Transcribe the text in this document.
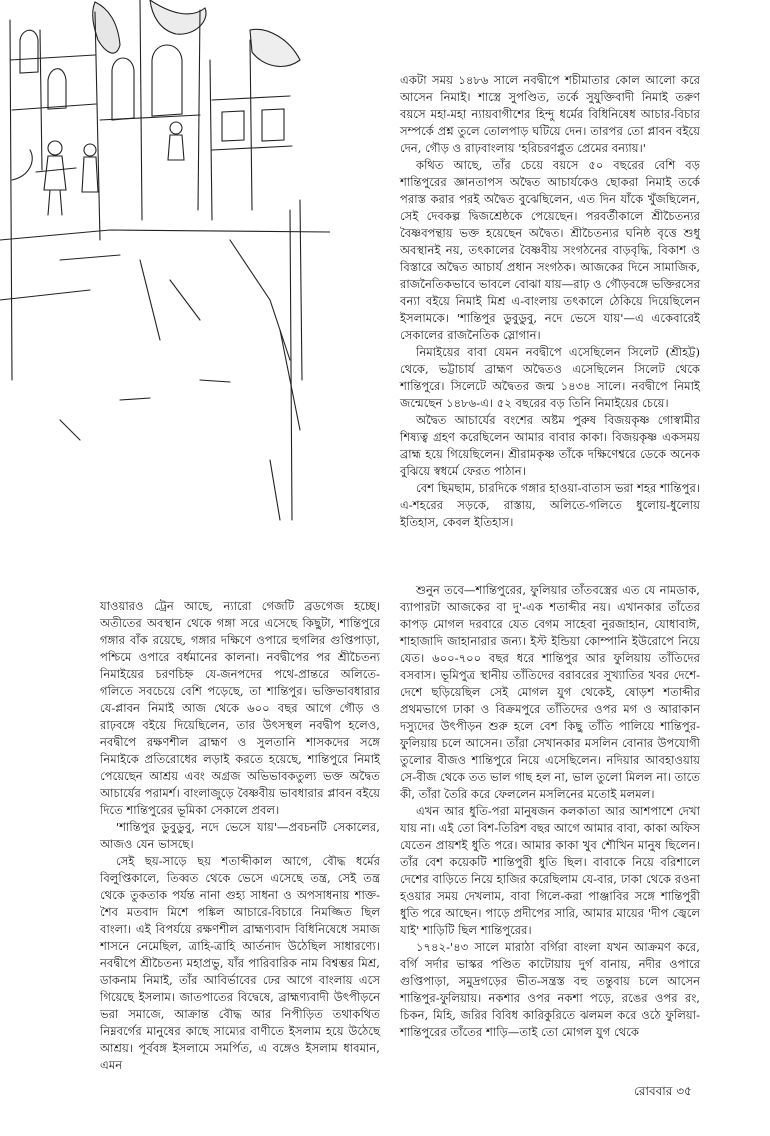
একটা সময় ১৪৮৬ সালে নবদ্বীপে শচীমাতার কোল আলো করে আসেন নিমাই। শাস্ত্রে সুপণ্ডিত, তর্কে সুযুক্তিবাদী নিমাই তরুণ বয়সে মহা-মহা ন্যায়বাগীশের হিন্দু ধর্মের বিধিনিষেধ আচার-বিচার সম্পর্কে প্রশ্ন তুলে তোলপাড় ঘটিয়ে দেন। তারপর তো প্লাবন বইয়ে দেন, গৌড় ও রাঢ়বাংলায় 'হরিচরণপ্লুত প্রেমের বন্যায়।'

কথিত আছে, তাঁর চেয়ে বয়সে ৫০ বছরের বেশি বড় শান্তিপুরের জ্ঞানতাপস অদ্বৈত আচার্যকেও ছোকরা নিমাই তর্কে পরাস্ত করার পরই অদ্বৈত বুঝেছিলেন, এত দিন যাঁকে খুঁজছিলেন, সেই দেবকল্প দ্বিজশ্রেষ্ঠকে পেয়েছেন। পরবর্তীকালে শ্রীচৈতন্যর বৈষ্ণবপন্থায় ভক্ত হয়েছেন অদ্বৈত। শ্রীচৈতন্যর ঘনিষ্ঠ বৃত্তে শুধু অবস্থানই নয়, তৎকালের বৈষ্ণবীয় সংগঠনের বাড়বৃদ্ধি, বিকাশ ও বিস্তারে অদ্বৈত আচার্য প্রধান সংগঠক। আজকের দিনে সামাজিক, রাজনৈতিকভাবে ভাবলে বোঝা যায়—রাঢ় ও গৌড়বঙ্গে ভক্তিরসের বন্যা বইয়ে নিমাই মিশ্র এ-বাংলায় তৎকালে ঠেকিয়ে দিয়েছিলেন ইসলামকে। 'শান্তিপুর ডুবুডুবু, নদে ভেসে যায়'—এ একেবারেই সেকালের রাজনৈতিক স্লোগান।

নিমাইয়ের বাবা যেমন নবদ্বীপে এসেছিলেন সিলেট (শ্রীহট্ট) থেকে, ভট্টাচার্য ব্রাহ্মণ অদ্বৈতও এসেছিলেন সিলেট থেকে শান্তিপুরে। সিলেটে অদ্বৈতর জন্ম ১৪৩৪ সালে। নবদ্বীপে নিমাই জন্মেছেন ১৪৮৬-এ। ৫২ বছরের বড় তিনি নিমাইয়ের চেয়ে।

অদ্বৈত আচার্যের বংশের অষ্টম পুরুষ বিজয়কৃষ্ণ গোস্বামীর শিষ্যত্ব গ্রহণ করেছিলেন আমার বাবার কাকা। বিজয়কৃষ্ণ একসময় ব্রাহ্ম হয়ে গিয়েছিলেন। শ্রীরামকৃষ্ণ তাঁকে দক্ষিণেশ্বরে ডেকে অনেক বুঝিয়ে স্বধর্মে ফেরত পাঠান।

বেশ ছিমছাম, চারদিকে গঙ্গার হাওয়া-বাতাস ভরা শহর শান্তিপুর। এ-শহরের সড়কে, রাস্তায়, অলিতে-গলিতে ধুলোয়-ধুলোয় ইতিহাস, কেবল ইতিহাস।

যাওয়ারও ট্রেন আছে, ন্যারো গেজটি ব্রডগেজ হচ্ছে। অতীতের অবস্থান থেকে গঙ্গা সরে এসেছে কিছুটা, শান্তিপুরে গঙ্গার বাঁক রয়েছে, গঙ্গার দক্ষিণে ওপারে হুগলির গুপ্তিপাড়া, পশ্চিমে ওপারে বর্ধমানের কালনা। নবদ্বীপের পর শ্রীচৈতন্য নিমাইয়ের চরণচিহ্ন যে-জনপদের পথে-প্রান্তরে অলিতে-গলিতে সবচেয়ে বেশি পড়েছে, তা শান্তিপুর। ভক্তিভাবধারার যে-প্লাবন নিমাই আজ থেকে ৬০০ বছর আগে গৌড় ও রাঢ়বঙ্গে বইয়ে দিয়েছিলেন, তার উৎসস্থল নবদ্বীপ হলেও, নবদ্বীপে রক্ষণশীল ব্রাহ্মণ ও সুলতানি শাসকদের সঙ্গে নিমাইকে প্রতিরোধের লড়াই করতে হয়েছে, শান্তিপুরে নিমাই পেয়েছেন আশ্রয় এবং অগ্রজ অভিভাবকতুল্য ভক্ত অদ্বৈত আচার্যের পরামর্শ। বাংলাজুড়ে বৈষ্ণবীয় ভাবধারার প্লাবন বইয়ে দিতে শান্তিপুরের ভূমিকা সেকালে প্রবল।

'শান্তিপুর ডুবুডুবু, নদে ভেসে যায়'—প্রবচনটি সেকালের, আজও যেন ভাসছে।

সেই ছয়-সাড়ে ছয় শতাব্দীকাল আগে, বৌদ্ধ ধর্মের বিলুপ্তিকালে, তিব্বত থেকে ভেসে এসেছে তন্ত্র, সেই তন্ত্র থেকে তুকতাক পর্যন্ত নানা গুহ্য সাধনা ও অপসাধনায় শাক্ত-শৈব মতবাদ মিশে পঙ্কিল আচারে-বিচারে নিমজ্জিত ছিল বাংলা। এই বিপর্যয়ে রক্ষণশীল ব্রাহ্মণ্যবাদ বিধিনিষেধে সমাজ শাসনে নেমেছিল, ত্রাহি-ত্রাহি আর্তনাদ উঠেছিল সাধারণ্যে। নবদ্বীপে শ্রীচৈতন্য মহাপ্রভু, যাঁর পারিবারিক নাম বিশ্বম্ভর মিশ্র, ডাকনাম নিমাই, তাঁর আবির্ভাবের ঢের আগে বাংলায় এসে গিয়েছে ইসলাম। জাতপাতের বিদ্বেষে, ব্রাহ্মণ্যবাদী উৎপীড়নে ভরা সমাজে, আক্রান্ত বৌদ্ধ আর নিপীড়িত তথাকথিত নিম্নবর্গের মানুষের কাছে সাম্যের বাণীতে ইসলাম হয়ে উঠেছে আশ্রয়। পূর্ববঙ্গ ইসলামে সমর্পিত, এ বঙ্গেও ইসলাম ধাবমান, এমন

শুনুন তবে—শান্তিপুরের, ফুলিয়ার তাঁতবস্ত্রের এত যে নামডাক, ব্যাপারটা আজকের বা দু'-এক শতাব্দীর নয়। এখানকার তাঁতের কাপড় মোগল দরবারে যেত বেগম সাহেবা নুরজাহান, যোধাবাঈ, শাহাজাদি জাহানারার জন্য। ইস্ট ইন্ডিয়া কোম্পানি ইউরোপে নিয়ে যেত। ৬০০-৭০০ বছর ধরে শান্তিপুর আর ফুলিয়ায় তাঁতিদের বসবাস। ভূমিপুত্র স্থানীয় তাঁতিদের বরাবরের সুখ্যাতির খবর দেশে-দেশে ছড়িয়েছিল সেই মোগল যুগ থেকেই, ষোড়শ শতাব্দীর প্রথমভাগে ঢাকা ও বিক্রমপুরে তাঁতিদের ওপর মগ ও আরাকান দস্যুদের উৎপীড়ন শুরু হলে বেশ কিছু তাঁতি পালিয়ে শান্তিপুর-ফুলিয়ায় চলে আসেন। তাঁরা সেখানকার মসলিন বোনার উপযোগী তুলোর বীজও শান্তিপুরে নিয়ে এসেছিলেন। নদিয়ার আবহাওয়ায় সে-বীজ থেকে তত ভাল গাছ হল না, ভাল তুলো মিলল না। তাতে কী, তাঁরা তৈরি করে ফেললেন মসলিনের মতোই মলমল।

এখন আর ধুতি-পরা মানুষজন কলকাতা আর আশপাশে দেখা যায় না। এই তো বিশ-তিরিশ বছর আগে আমার বাবা, কাকা অফিস যেতেন প্রায়শই ধুতি পরে। আমার কাকা খুব শৌখিন মানুষ ছিলেন। তাঁর বেশ কয়েকটি শান্তিপুরী ধুতি ছিল। বাবাকে নিয়ে বরিশালে দেশের বাড়িতে নিয়ে হাজির করেছিলাম যে-বার, ঢাকা থেকে রওনা হওয়ার সময় দেখলাম, বাবা গিলে-করা পাঞ্জাবির সঙ্গে শান্তিপুরী ধুতি পরে আছেন। পাড়ে প্রদীপের সারি, আমার মায়ের 'দীপ জ্বেলে যাই' শাড়িটি ছিল শান্তিপুরের।

১৭৪২-'৪৩ সালে মারাঠা বর্গিরা বাংলা যখন আক্রমণ করে, বর্গি সর্দার ভাস্কর পণ্ডিত কাটোয়ায় দুর্গ বানায়, নদীর ওপারে গুপ্তিপাড়া, সমুদ্রগড়ের ভীত-সন্ত্রস্ত বহু তন্তুবায় চলে আসেন শান্তিপুর-ফুলিয়ায়। নকশার ওপর নকশা পড়ে, রঙের ওপর রং, চিকন, মিহি, জরির বিবিধ কারিকুরিতে ঝলমল করে ওঠে ফুলিয়া-শান্তিপুরের তাঁতের শাড়ি—তাই তো মোগল যুগ থেকে

রোববার ৩৫
